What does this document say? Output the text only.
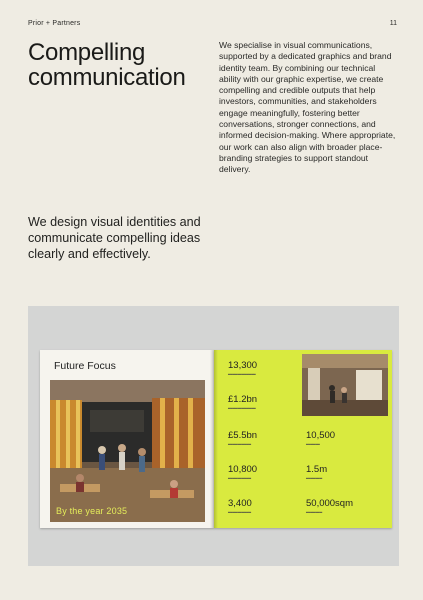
Prior + Partners	11
Compelling communication

We specialise in visual communications, supported by a dedicated graphics and brand identity team. By combining our technical ability with our graphic expertise, we create compelling and credible outputs that help investors, communities, and stakeholders engage meaningfully, fostering better conversations, stronger connections, and informed decision-making. Where appropriate, our work can also align with broader place-branding strategies to support standout delivery.

We design visual identities and communicate compelling ideas clearly and effectively.

Future Focus
By the year 2035
13,300
▂▂▂▂▂▂▂▂▂▂▂▂
£1.2bn
▂▂▂▂▂▂▂▂▂▂▂▂
£5.5bn
▂▂▂▂▂▂▂▂▂▂
10,500
▂▂▂▂▂▂
10,800
▂▂▂▂▂▂▂▂▂▂
1.5m
▂▂▂▂▂▂▂
3,400
▂▂▂▂▂▂▂▂▂▂
50,000sqm
▂▂▂▂▂▂▂
